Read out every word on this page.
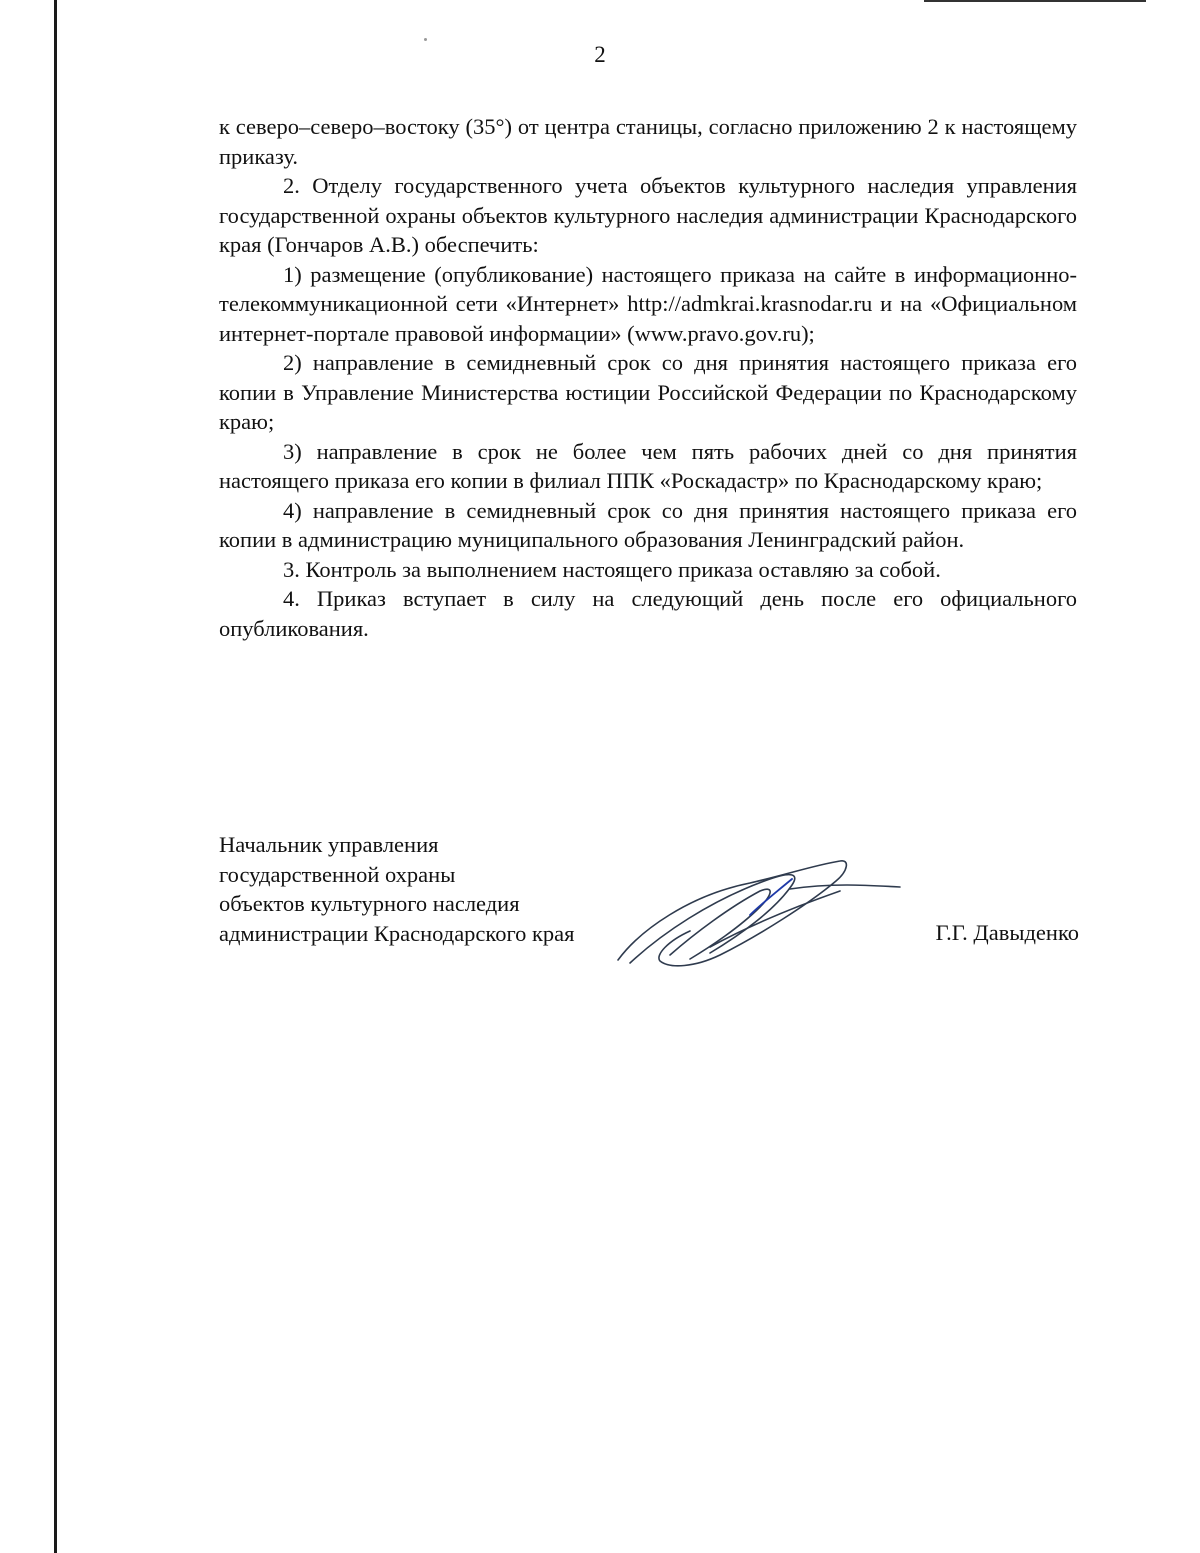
2

к северо–северо–востоку (35°) от центра станицы, согласно приложению 2 к настоящему приказу.

2. Отделу государственного учета объектов культурного наследия управления государственной охраны объектов культурного наследия администрации Краснодарского края (Гончаров А.В.) обеспечить:

1) размещение (опубликование) настоящего приказа на сайте в информационно-телекоммуникационной сети «Интернет» http://admkrai.krasnodar.ru и на «Официальном интернет-портале правовой информации» (www.pravo.gov.ru);

2) направление в семидневный срок со дня принятия настоящего приказа его копии в Управление Министерства юстиции Российской Федерации по Краснодарскому краю;

3) направление в срок не более чем пять рабочих дней со дня принятия настоящего приказа его копии в филиал ППК «Роскадастр» по Краснодарскому краю;

4) направление в семидневный срок со дня принятия настоящего приказа его копии в администрацию муниципального образования Ленинградский район.

3. Контроль за выполнением настоящего приказа оставляю за собой.

4. Приказ вступает в силу на следующий день после его официального опубликования.

Начальник управления
государственной охраны
объектов культурного наследия
администрации Краснодарского края	Г.Г. Давыденко
